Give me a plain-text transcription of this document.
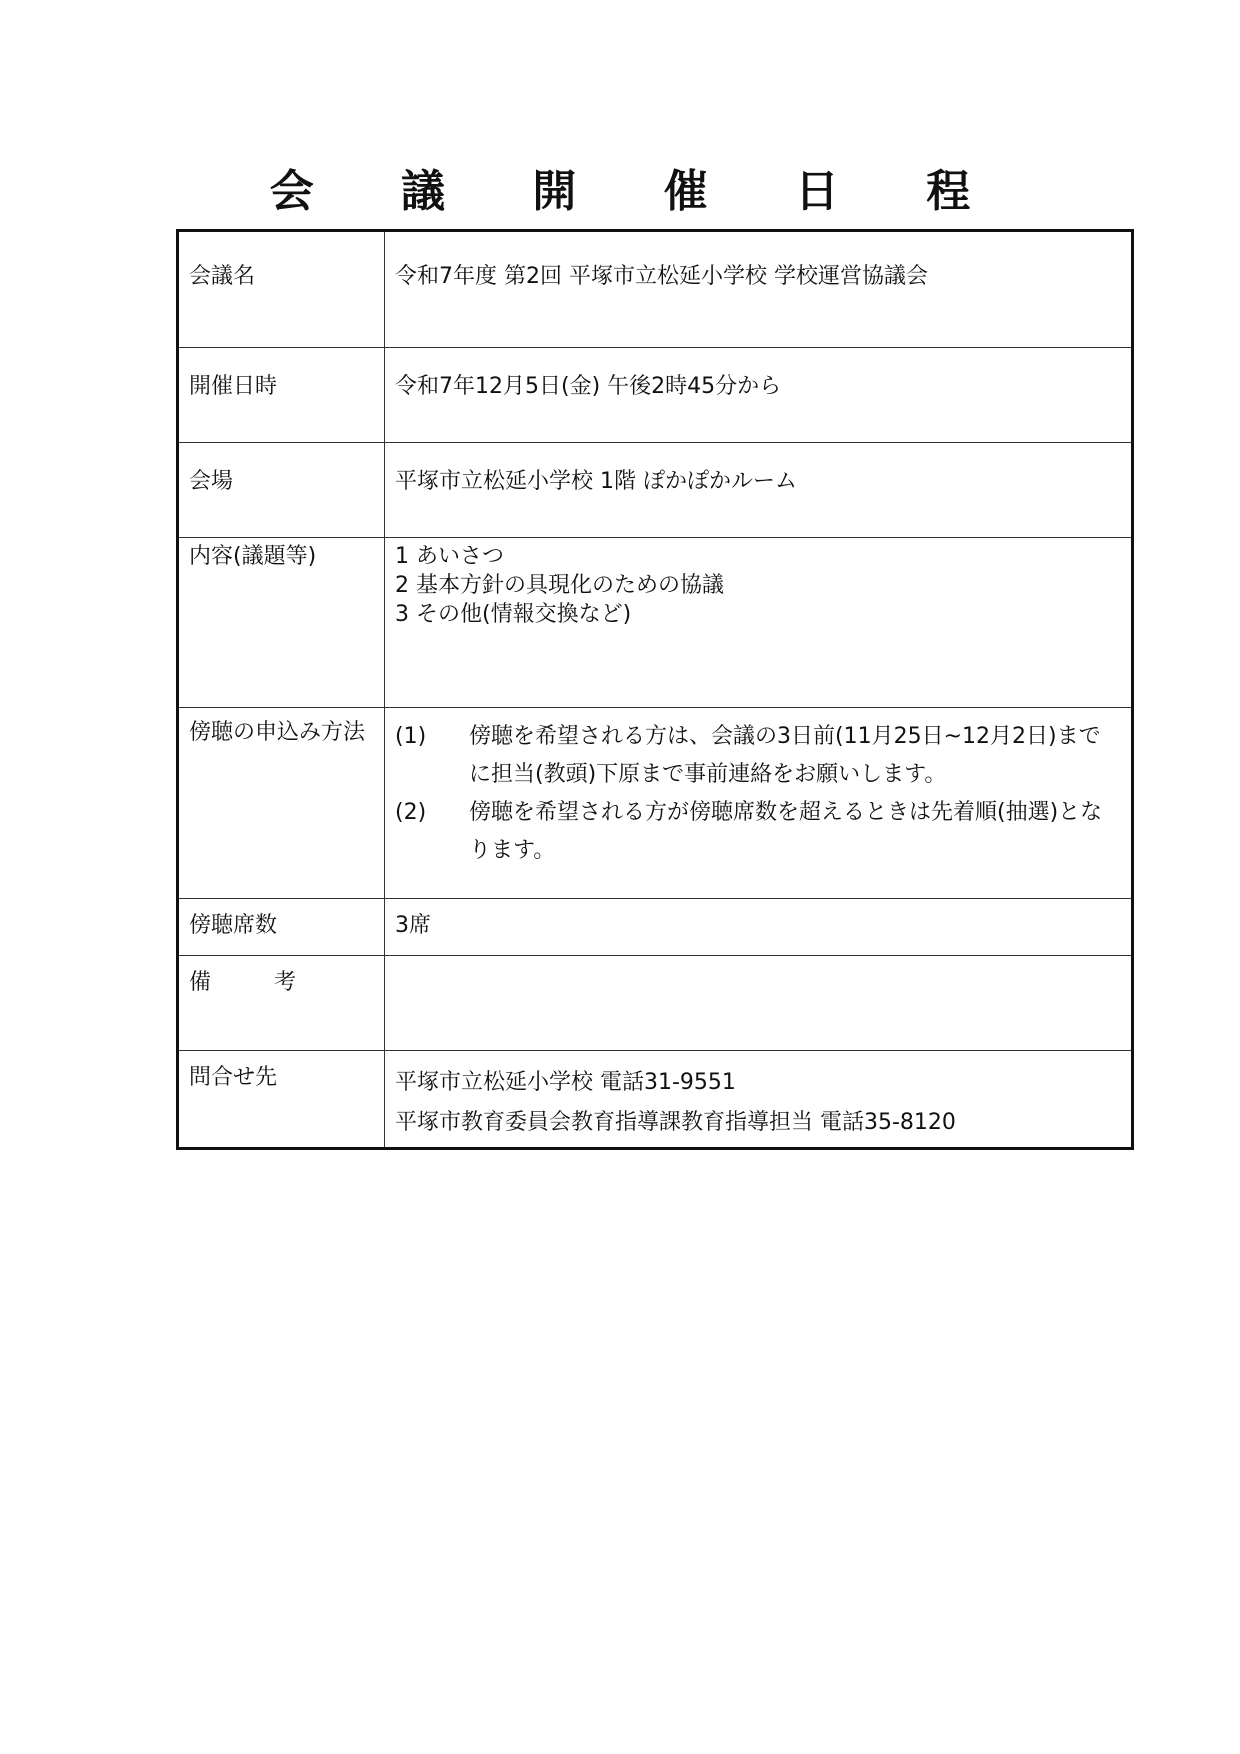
会 議 開 催 日 程
会議名	令和7年度 第2回 平塚市立松延小学校 学校運営協議会
開催日時	令和7年12月5日(金) 午後2時45分から
会場	平塚市立松延小学校 1階 ぽかぽかルーム
内容(議題等)	1 あいさつ
2 基本方針の具現化のための協議
3 その他(情報交換など)

傍聴の申込み方法	(1) 傍聴を希望される方は、会議の3日前(11月25日~12月2日)までに担当(教頭)下原まで事前連絡をお願いします。
(2) 傍聴を希望される方が傍聴席数を超えるときは先着順(抽選)となります。

傍聴席数	3席
備 考	
問合せ先	平塚市立松延小学校 電話31-9551
平塚市教育委員会教育指導課教育指導担当 電話35-8120
